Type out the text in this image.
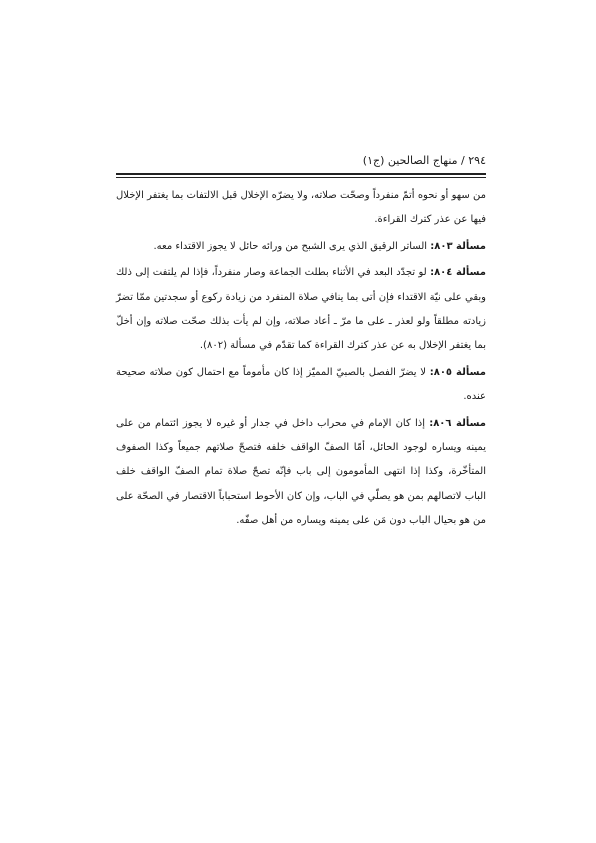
٢٩٤ / منهاج الصالحين (ج١)

من سهو أو نحوه أتمّ منفرداً وصحّت صلاته، ولا يضرّه الإخلال قبل الالتفات بما يغتفر الإخلال فيها عن عذر كترك القراءة.

مسألة ٨٠٣: الساتر الرقيق الذي يرى الشبح من ورائه حائل لا يجوز الاقتداء معه.

مسألة ٨٠٤: لو تجدّد البعد في الأثناء بطلت الجماعة وصار منفرداً، فإذا لم يلتفت إلى ذلك وبقي على نيّة الاقتداء فإن أتى بما ينافي صلاة المنفرد من زيادة ركوع أو سجدتين ممّا تضرّ زيادته مطلقاً ولو لعذر ـ على ما مرّ ـ أعاد صلاته، وإن لم يأت بذلك صحّت صلاته وإن أخلّ بما يغتفر الإخلال به عن عذر كترك القراءة كما تقدّم في مسألة (٨٠٢).

مسألة ٨٠٥: لا يضرّ الفصل بالصبيّ المميّز إذا كان مأموماً مع احتمال كون صلاته صحيحة عنده.

مسألة ٨٠٦: إذا كان الإمام في محراب داخل في جدار أو غيره لا يجوز ائتمام من على يمينه ويساره لوجود الحائل، أمّا الصفّ الواقف خلفه فتصحّ صلاتهم جميعاً وكذا الصفوف المتأخّرة، وكذا إذا انتهى المأمومون إلى باب فإنّه تصحّ صلاة تمام الصفّ الواقف خلف الباب لاتصالهم بمن هو يصلّي في الباب، وإن كان الأحوط استحباباً الاقتصار في الصحّة على من هو بحيال الباب دون مَن على يمينه ويساره من أهل صفّه.
